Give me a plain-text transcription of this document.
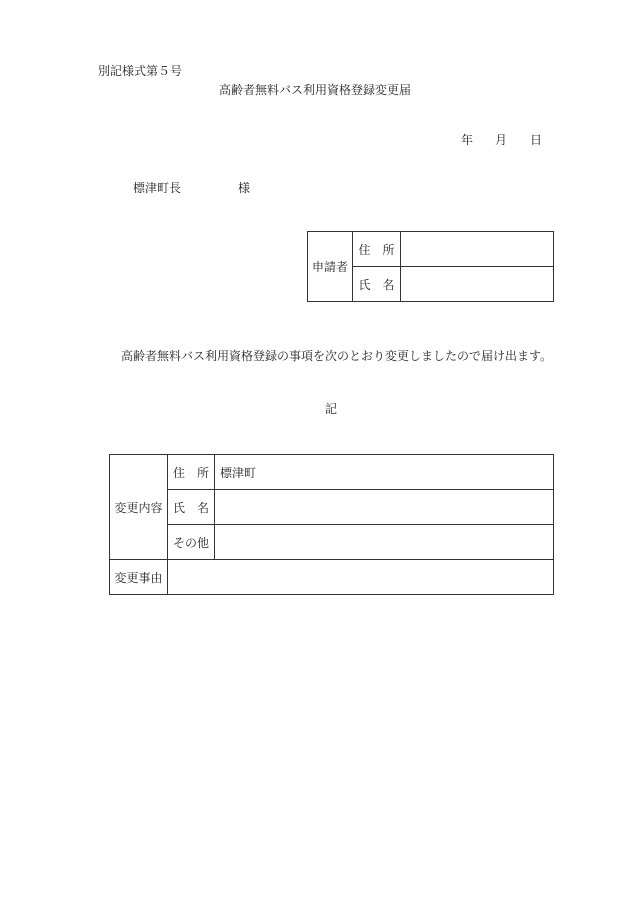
別記様式第５号
高齢者無料バス利用資格登録変更届
年 月 日
標津町長	様
申請者	住　所	
	氏　名	
高齢者無料バス利用資格登録の事項を次のとおり変更しましたので届け出ます。
記
変更内容	住　所	標津町
	氏　名	
	その他	
変更事由		
